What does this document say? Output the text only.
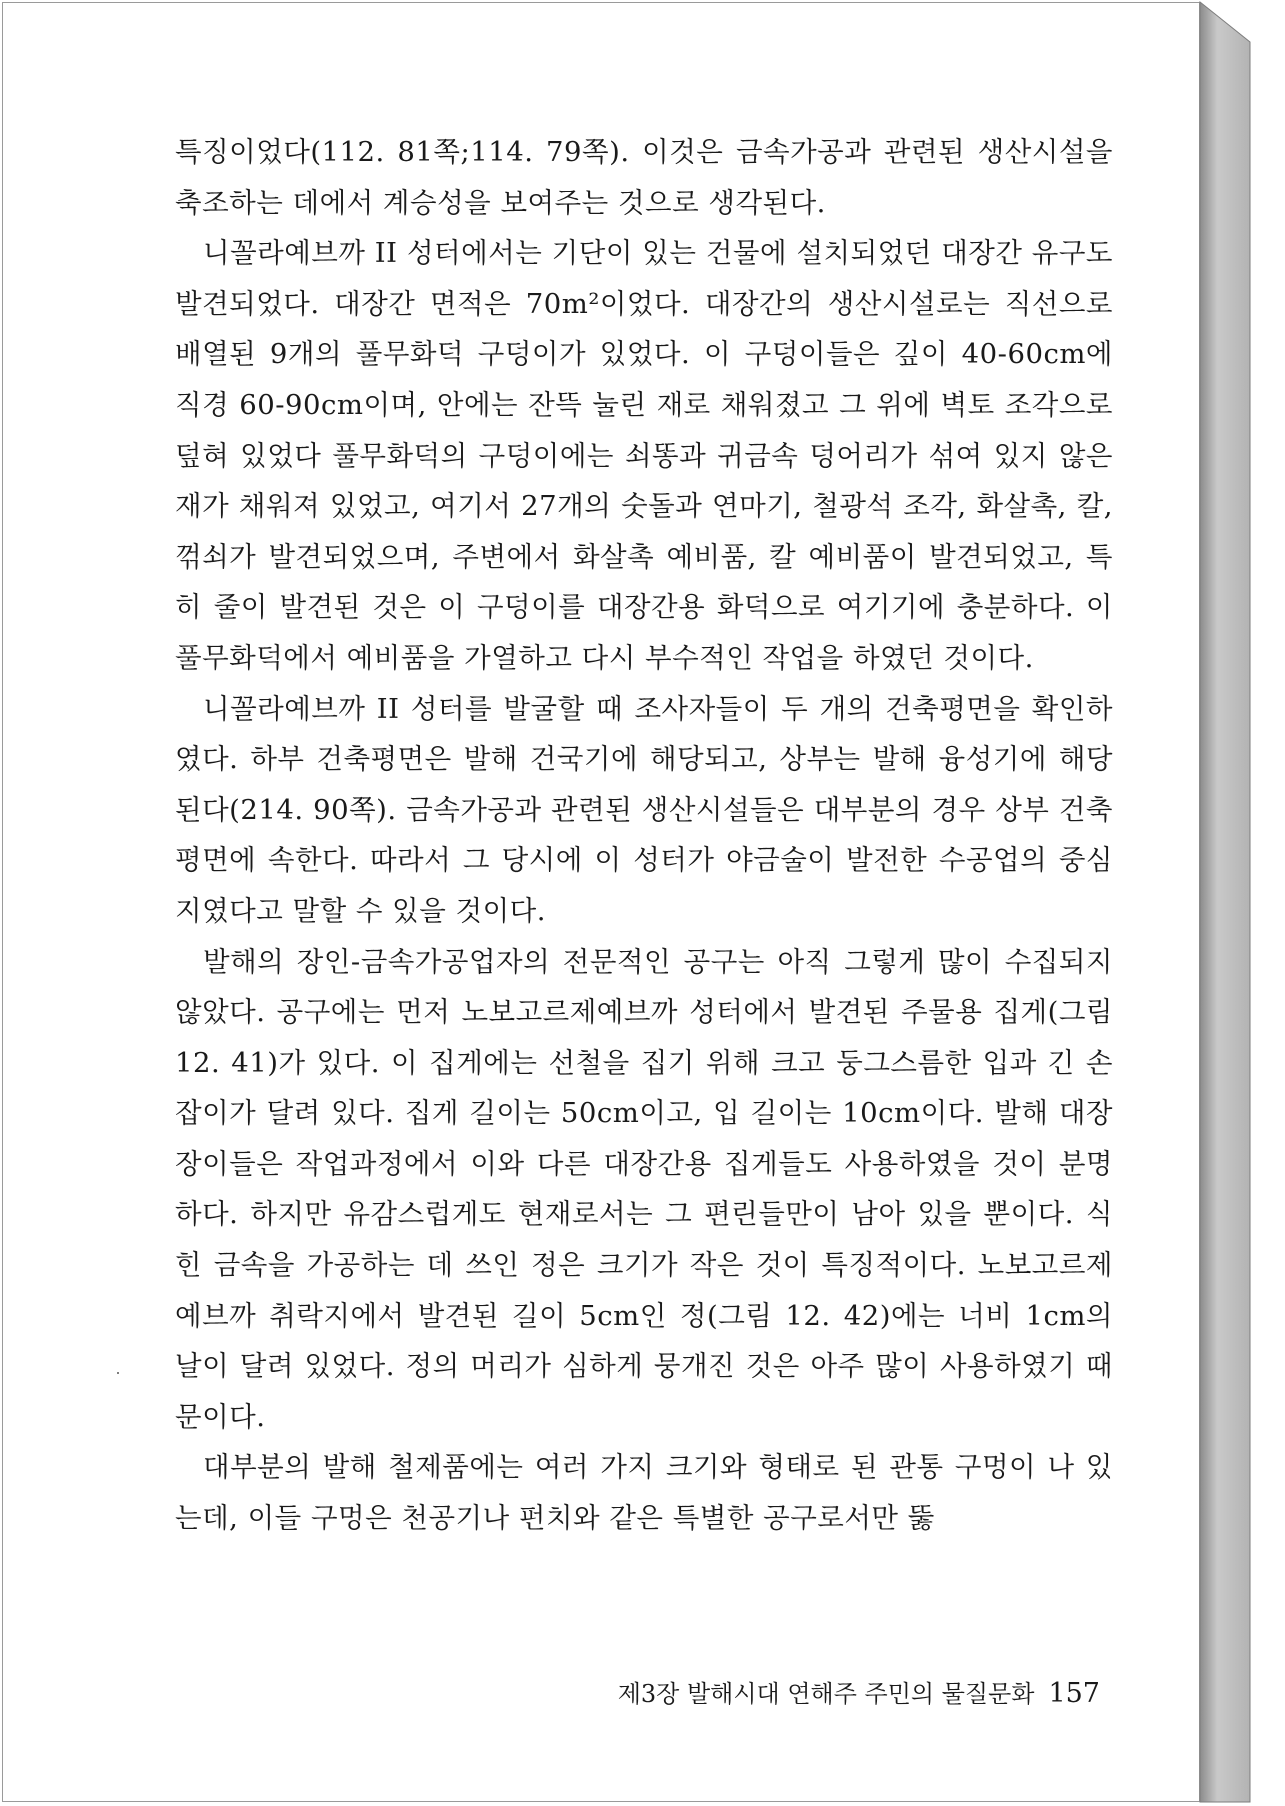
특징이었다(112. 81쪽;114. 79쪽). 이것은 금속가공과 관련된 생산시설을 축조하는 데에서 계승성을 보여주는 것으로 생각된다.

니꼴라예브까 II 성터에서는 기단이 있는 건물에 설치되었던 대장간 유구도 발견되었다. 대장간 면적은 70m²이었다. 대장간의 생산시설로는 직선으로 배열된 9개의 풀무화덕 구덩이가 있었다. 이 구덩이들은 깊이 40-60cm에 직경 60-90cm이며, 안에는 잔뜩 눌린 재로 채워졌고 그 위에 벽토 조각으로 덮혀 있었다 풀무화덕의 구덩이에는 쇠똥과 귀금속 덩어리가 섞여 있지 않은 재가 채워져 있었고, 여기서 27개의 숫돌과 연마기, 철광석 조각, 화살촉, 칼, 꺾쇠가 발견되었으며, 주변에서 화살촉 예비품, 칼 예비품이 발견되었고, 특히 줄이 발견된 것은 이 구덩이를 대장간용 화덕으로 여기기에 충분하다. 이 풀무화덕에서 예비품을 가열하고 다시 부수적인 작업을 하였던 것이다.

니꼴라예브까 II 성터를 발굴할 때 조사자들이 두 개의 건축평면을 확인하였다. 하부 건축평면은 발해 건국기에 해당되고, 상부는 발해 융성기에 해당된다(214. 90쪽). 금속가공과 관련된 생산시설들은 대부분의 경우 상부 건축평면에 속한다. 따라서 그 당시에 이 성터가 야금술이 발전한 수공업의 중심지였다고 말할 수 있을 것이다.

발해의 장인-금속가공업자의 전문적인 공구는 아직 그렇게 많이 수집되지 않았다. 공구에는 먼저 노보고르제예브까 성터에서 발견된 주물용 집게(그림 12. 41)가 있다. 이 집게에는 선철을 집기 위해 크고 둥그스름한 입과 긴 손잡이가 달려 있다. 집게 길이는 50cm이고, 입 길이는 10cm이다. 발해 대장장이들은 작업과정에서 이와 다른 대장간용 집게들도 사용하였을 것이 분명하다. 하지만 유감스럽게도 현재로서는 그 편린들만이 남아 있을 뿐이다. 식힌 금속을 가공하는 데 쓰인 정은 크기가 작은 것이 특징적이다. 노보고르제예브까 취락지에서 발견된 길이 5cm인 정(그림 12. 42)에는 너비 1cm의 날이 달려 있었다. 정의 머리가 심하게 뭉개진 것은 아주 많이 사용하였기 때문이다.

대부분의 발해 철제품에는 여러 가지 크기와 형태로 된 관통 구멍이 나 있는데, 이들 구멍은 천공기나 펀치와 같은 특별한 공구로서만 뚫

제3장 발해시대 연해주 주민의 물질문화 157
